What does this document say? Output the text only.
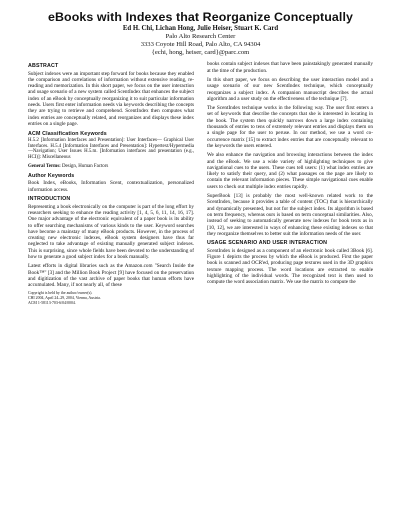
eBooks with Indexes that Reorganize Conceptually
Ed H. Chi, Lichan Hong, Julie Heiser, Stuart K. Card
Palo Alto Research Center
3333 Coyote Hill Road, Palo Alto, CA 94304
{echi, hong, heiser, card}@parc.com
ABSTRACT

Subject indexes were an important step forward for books because they enabled the comparison and correlations of information without extensive reading, re-reading and memorization. In this short paper, we focus on the user interaction and usage scenario of a new system called ScentIndex that enhances the subject index of an eBook by conceptually reorganizing it to suit particular information needs. Users first enter information needs via keywords describing the concepts they are trying to retrieve and comprehend. ScentIndex then computes what index entries are conceptually related, and reorganizes and displays these index entries on a single page.

ACM Classification Keywords

H.5.2 [Information Interfaces and Presentation]: User Interfaces— Graphical User Interfaces. H.5.4 [Information Interfaces and Presentation]: Hypertext/Hypermedia—Navigation; User Issues H.5.m. [Information interfaces and presentation (e.g., HCI)]: Miscellaneous

General Terms: Design, Human Factors

Author Keywords

Book Index, eBooks, Information Scent, contextualization, personalized information access.

INTRODUCTION

Representing a book electronically on the computer is part of the long effort by researchers seeking to enhance the reading activity [1, 4, 5, 6, 11, 14, 16, 17]. One major advantage of the electronic equivalent of a paper book is its ability to offer searching mechanisms of various kinds to the user. Keyword searches have become a mainstay of many eBook products. However, in the process of creating new electronic indexes, eBook system designers have thus far neglected to take advantage of existing manually generated subject indexes. This is surprising, since whole fields have been devoted to the understanding of how to generate a good subject index for a book manually.

Latest efforts in digital libraries such as the Amazon.com "Search Inside the Book™" [3] and the Million Book Project [9] have focused on the preservation and digitization of the vast archive of paper books that human efforts have accumulated. Many, if not nearly all, of these

Copyright is held by the author/owner(s).
CHI 2004, April 24–29, 2004, Vienna, Austria.
ACM 1-58113-703-6/04/0004.

books contain subject indexes that have been painstakingly generated manually at the time of the production.

In this short paper, we focus on describing the user interaction model and a usage scenario of our new ScentIndex technique, which conceptually reorganizes a subject index. A companion manuscript describes the actual algorithm and a user study on the effectiveness of the technique [7].

The ScentIndex technique works in the following way. The user first enters a set of keywords that describe the concepts that she is interested in locating in the book. The system then quickly narrows down a large index containing thousands of entries to tens of extremely relevant entries and displays them on a single page for the user to peruse. In our method, we use a word co-occurrence matrix [15] to extract index entries that are conceptually relevant to the keywords the users entered.

We also enhance the navigation and browsing interactions between the index and the eBook. We use a wide variety of highlighting techniques to give navigational cues to the users. These cues tell users: (1) what index entries are likely to satisfy their query, and (2) what passages on the page are likely to contain the relevant information pieces. These simple navigational cues enable users to check out multiple index entries rapidly.

SuperBook [13] is probably the most well-known related work to the ScentIndex, because it provides a table of content (TOC) that is hierarchically and dynamically presented, but not for the subject index. Its algorithm is based on term frequency, whereas ours is based on term conceptual similarities. Also, instead of seeking to automatically generate new indexes for book texts as in [10, 12], we are interested in ways of enhancing these existing indexes so that they reorganize themselves to better suit the information needs of the user.

USAGE SCENARIO AND USER INTERACTION

ScentIndex is designed as a component of an electronic book called 3Book [6]. Figure 1 depicts the process by which the eBook is produced. First the paper book is scanned and OCR'ed, producing page textures used in the 3D graphics texture mapping process. The word locations are extracted to enable highlighting of the individual words. The recognized text is then used to compute the word association matrix. We use the matrix to compute the
